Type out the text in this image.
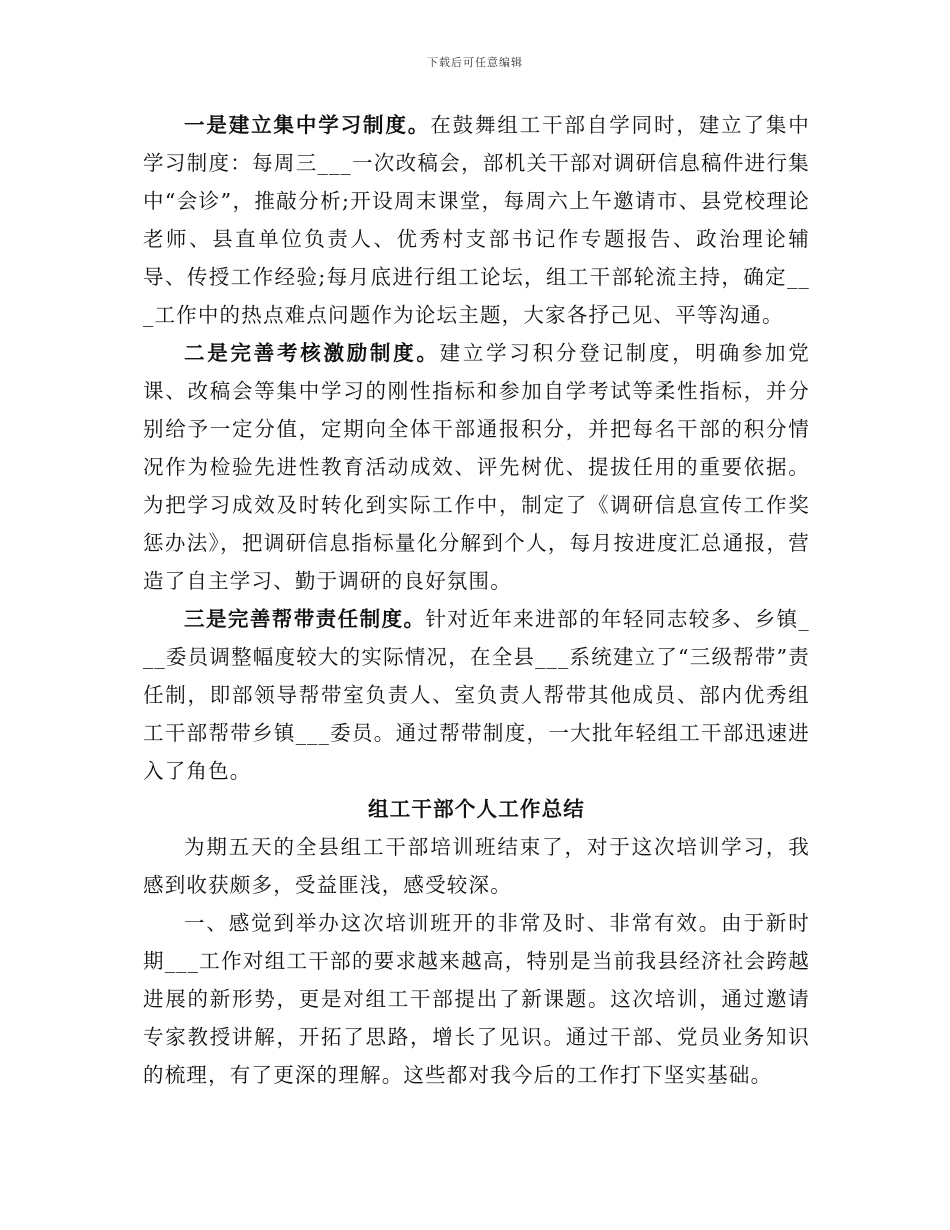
下载后可任意编辑

一是建立集中学习制度。在鼓舞组工干部自学同时，建立了集中学习制度：每周三___一次改稿会，部机关干部对调研信息稿件进行集中“会诊”，推敲分析;开设周末课堂，每周六上午邀请市、县党校理论老师、县直单位负责人、优秀村支部书记作专题报告、政治理论辅导、传授工作经验;每月底进行组工论坛，组工干部轮流主持，确定___工作中的热点难点问题作为论坛主题，大家各抒己见、平等沟通。

二是完善考核激励制度。建立学习积分登记制度，明确参加党课、改稿会等集中学习的刚性指标和参加自学考试等柔性指标，并分别给予一定分值，定期向全体干部通报积分，并把每名干部的积分情况作为检验先进性教育活动成效、评先树优、提拔任用的重要依据。为把学习成效及时转化到实际工作中，制定了《调研信息宣传工作奖惩办法》，把调研信息指标量化分解到个人，每月按进度汇总通报，营造了自主学习、勤于调研的良好氛围。

三是完善帮带责任制度。针对近年来进部的年轻同志较多、乡镇___委员调整幅度较大的实际情况，在全县___系统建立了“三级帮带”责任制，即部领导帮带室负责人、室负责人帮带其他成员、部内优秀组工干部帮带乡镇___委员。通过帮带制度，一大批年轻组工干部迅速进入了角色。

组工干部个人工作总结

为期五天的全县组工干部培训班结束了，对于这次培训学习，我感到收获颇多，受益匪浅，感受较深。

一、感觉到举办这次培训班开的非常及时、非常有效。由于新时期___工作对组工干部的要求越来越高，特别是当前我县经济社会跨越进展的新形势，更是对组工干部提出了新课题。这次培训，通过邀请专家教授讲解，开拓了思路，增长了见识。通过干部、党员业务知识的梳理，有了更深的理解。这些都对我今后的工作打下坚实基础。
